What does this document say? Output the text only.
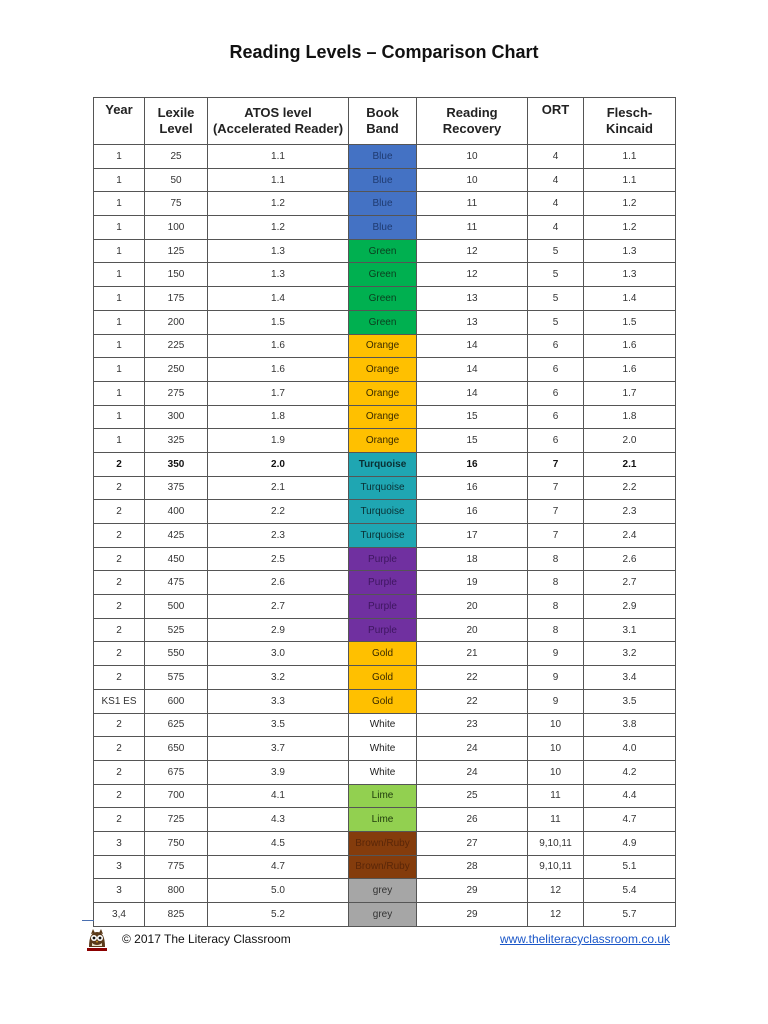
Reading Levels – Comparison Chart
Year	Lexile Level	ATOS level (Accelerated Reader)	Book Band	Reading Recovery	ORT	Flesch-Kincaid
1	25	1.1	Blue	10	4	1.1
1	50	1.1	Blue	10	4	1.1
1	75	1.2	Blue	11	4	1.2
1	100	1.2	Blue	11	4	1.2
1	125	1.3	Green	12	5	1.3
1	150	1.3	Green	12	5	1.3
1	175	1.4	Green	13	5	1.4
1	200	1.5	Green	13	5	1.5
1	225	1.6	Orange	14	6	1.6
1	250	1.6	Orange	14	6	1.6
1	275	1.7	Orange	14	6	1.7
1	300	1.8	Orange	15	6	1.8
1	325	1.9	Orange	15	6	2.0
2	350	2.0	Turquoise	16	7	2.1
2	375	2.1	Turquoise	16	7	2.2
2	400	2.2	Turquoise	16	7	2.3
2	425	2.3	Turquoise	17	7	2.4
2	450	2.5	Purple	18	8	2.6
2	475	2.6	Purple	19	8	2.7
2	500	2.7	Purple	20	8	2.9
2	525	2.9	Purple	20	8	3.1
2	550	3.0	Gold	21	9	3.2
2	575	3.2	Gold	22	9	3.4
KS1 ES	600	3.3	Gold	22	9	3.5
2	625	3.5	White	23	10	3.8
2	650	3.7	White	24	10	4.0
2	675	3.9	White	24	10	4.2
2	700	4.1	Lime	25	11	4.4
2	725	4.3	Lime	26	11	4.7
3	750	4.5	Brown/Ruby	27	9,10,11	4.9
3	775	4.7	Brown/Ruby	28	9,10,11	5.1
3	800	5.0	grey	29	12	5.4
3,4	825	5.2	grey	29	12	5.7
© 2017 The Literacy Classroom	www.theliteracyclassroom.co.uk
